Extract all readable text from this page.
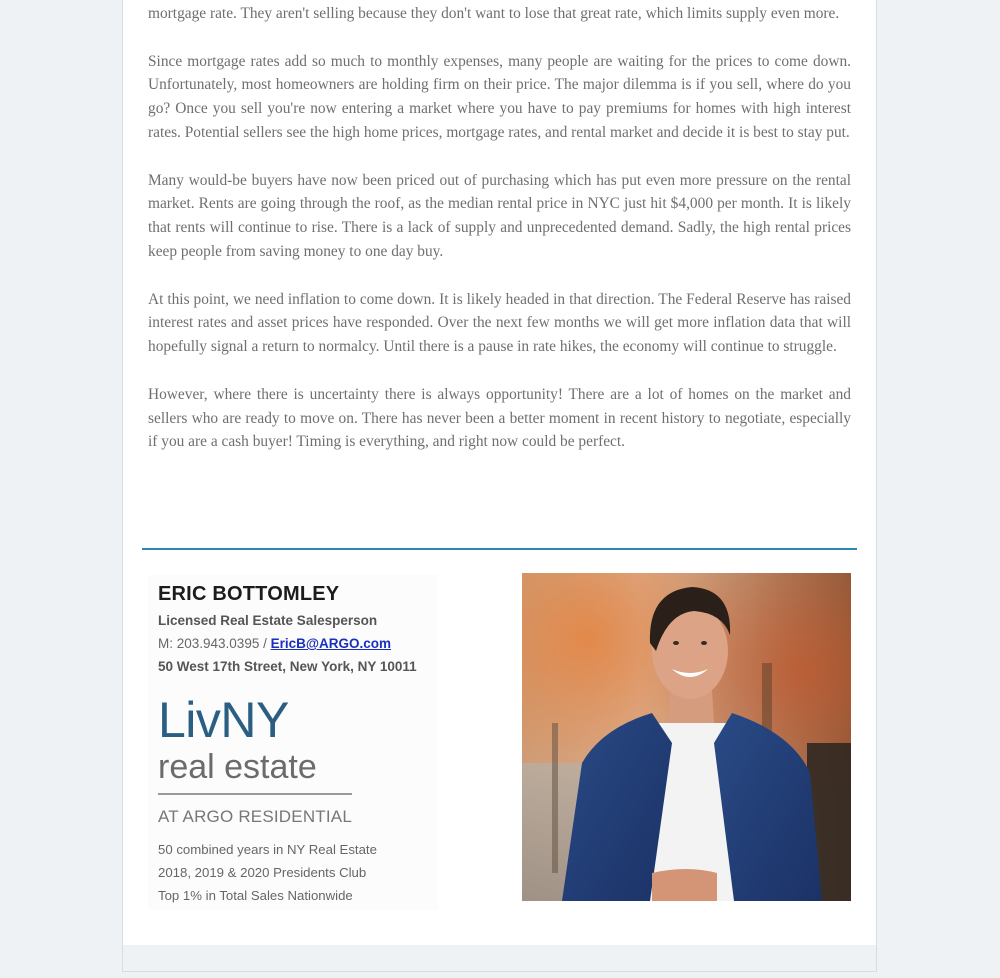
mortgage rate. They aren't selling because they don't want to lose that great rate, which limits supply even more.

Since mortgage rates add so much to monthly expenses, many people are waiting for the prices to come down. Unfortunately, most homeowners are holding firm on their price. The major dilemma is if you sell, where do you go? Once you sell you're now entering a market where you have to pay premiums for homes with high interest rates. Potential sellers see the high home prices, mortgage rates, and rental market and decide it is best to stay put.

Many would-be buyers have now been priced out of purchasing which has put even more pressure on the rental market. Rents are going through the roof, as the median rental price in NYC just hit $4,000 per month. It is likely that rents will continue to rise. There is a lack of supply and unprecedented demand. Sadly, the high rental prices keep people from saving money to one day buy.

At this point, we need inflation to come down. It is likely headed in that direction. The Federal Reserve has raised interest rates and asset prices have responded. Over the next few months we will get more inflation data that will hopefully signal a return to normalcy. Until there is a pause in rate hikes, the economy will continue to struggle.

However, where there is uncertainty there is always opportunity! There are a lot of homes on the market and sellers who are ready to move on. There has never been a better moment in recent history to negotiate, especially if you are a cash buyer! Timing is everything, and right now could be perfect.

ERIC BOTTOMLEY
Licensed Real Estate Salesperson
M: 203.943.0395 / EricB@ARGO.com
50 West 17th Street, New York, NY 10011
LivNY
real estate
AT ARGO RESIDENTIAL
50 combined years in NY Real Estate
2018, 2019 & 2020 Presidents Club
Top 1% in Total Sales Nationwide
